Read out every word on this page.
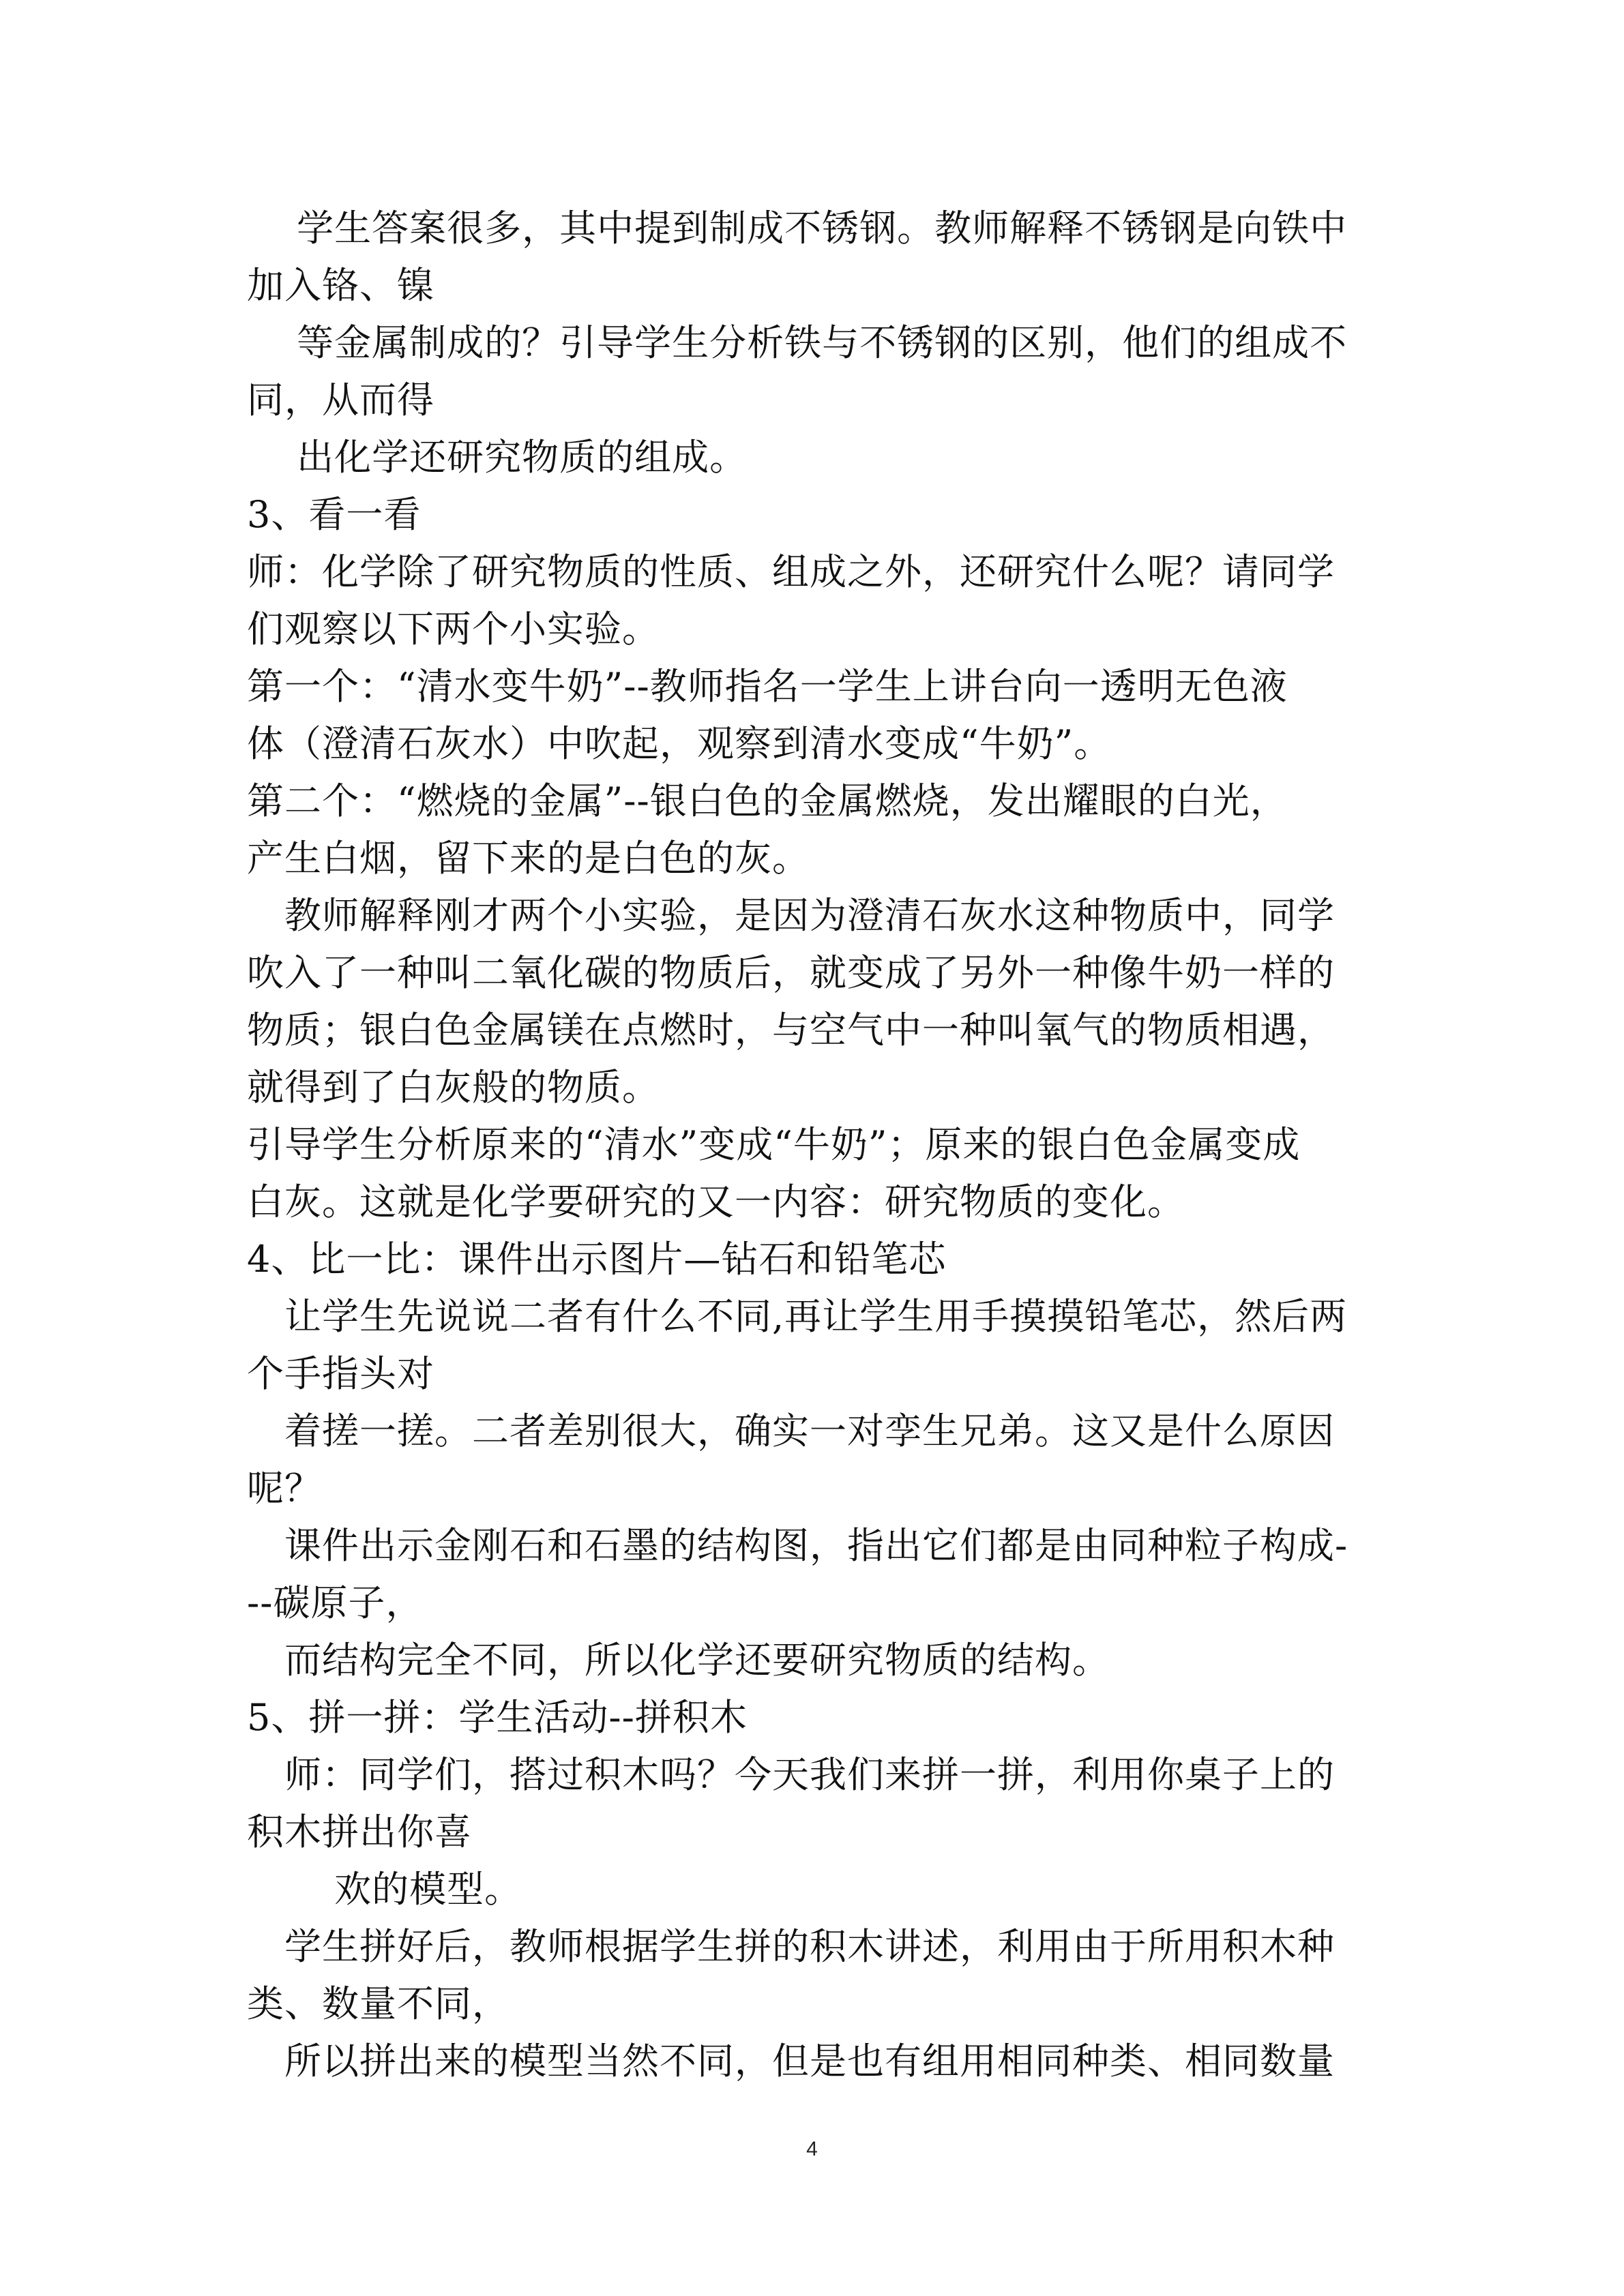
　 学生答案很多，其中提到制成不锈钢。教师解释不锈钢是向铁中
加入铬、镍
　 等金属制成的？引导学生分析铁与不锈钢的区别，他们的组成不
同，从而得
　 出化学还研究物质的组成。
3、看一看
师：化学除了研究物质的性质、组成之外，还研究什么呢？请同学
们观察以下两个小实验。
第一个：“清水变牛奶”--教师指名一学生上讲台向一透明无色液
体（澄清石灰水）中吹起，观察到清水变成“牛奶”。
第二个：“燃烧的金属”--银白色的金属燃烧，发出耀眼的白光，
产生白烟，留下来的是白色的灰。
　教师解释刚才两个小实验，是因为澄清石灰水这种物质中，同学
吹入了一种叫二氧化碳的物质后，就变成了另外一种像牛奶一样的
物质；银白色金属镁在点燃时，与空气中一种叫氧气的物质相遇，
就得到了白灰般的物质。
引导学生分析原来的“清水”变成“牛奶”；原来的银白色金属变成
白灰。这就是化学要研究的又一内容：研究物质的变化。
4、比一比：课件出示图片—钻石和铅笔芯
　让学生先说说二者有什么不同,再让学生用手摸摸铅笔芯，然后两
个手指头对
　着搓一搓。二者差别很大，确实一对孪生兄弟。这又是什么原因
呢？
　课件出示金刚石和石墨的结构图，指出它们都是由同种粒子构成-
--碳原子，
　而结构完全不同，所以化学还要研究物质的结构。
5、拼一拼：学生活动--拼积木
　师：同学们，搭过积木吗？今天我们来拼一拼，利用你桌子上的
积木拼出你喜
　　 欢的模型。
　学生拼好后，教师根据学生拼的积木讲述，利用由于所用积木种
类、数量不同，
　所以拼出来的模型当然不同，但是也有组用相同种类、相同数量
4
